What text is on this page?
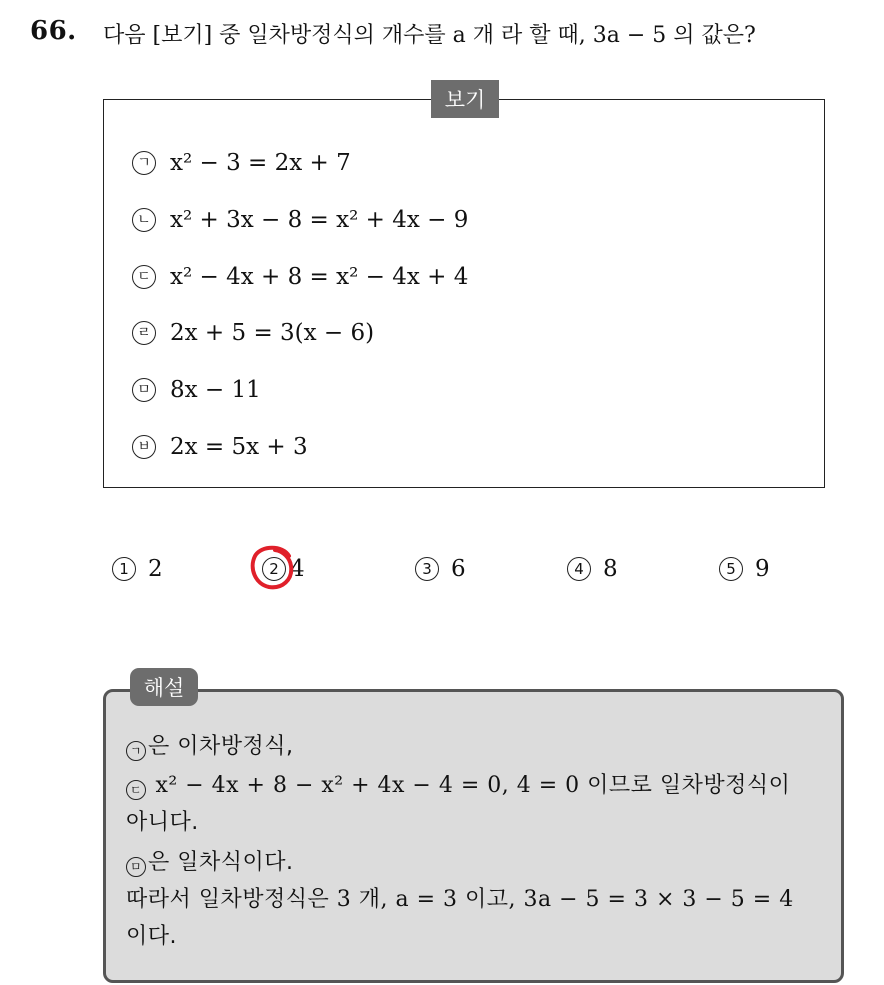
66. 다음 [보기] 중 일차방정식의 개수를 a 개 라 할 때, 3a − 5 의 값은?
보기
ㄱ x² − 3 = 2x + 7
ㄴ x² + 3x − 8 = x² + 4x − 9
ㄷ x² − 4x + 8 = x² − 4x + 4
ㄹ 2x + 5 = 3(x − 6)
ㅁ 8x − 11
ㅂ 2x = 5x + 3
1 2	2 4	3 6	4 8	5 9
해설
ㄱ 은 이차방정식,
ㄷ x² − 4x + 8 − x² + 4x − 4 = 0, 4 = 0 이므로 일차방정식이
아니다.
ㅁ 은 일차식이다.
따라서 일차방정식은 3 개, a = 3 이고, 3a − 5 = 3 × 3 − 5 = 4
이다.
